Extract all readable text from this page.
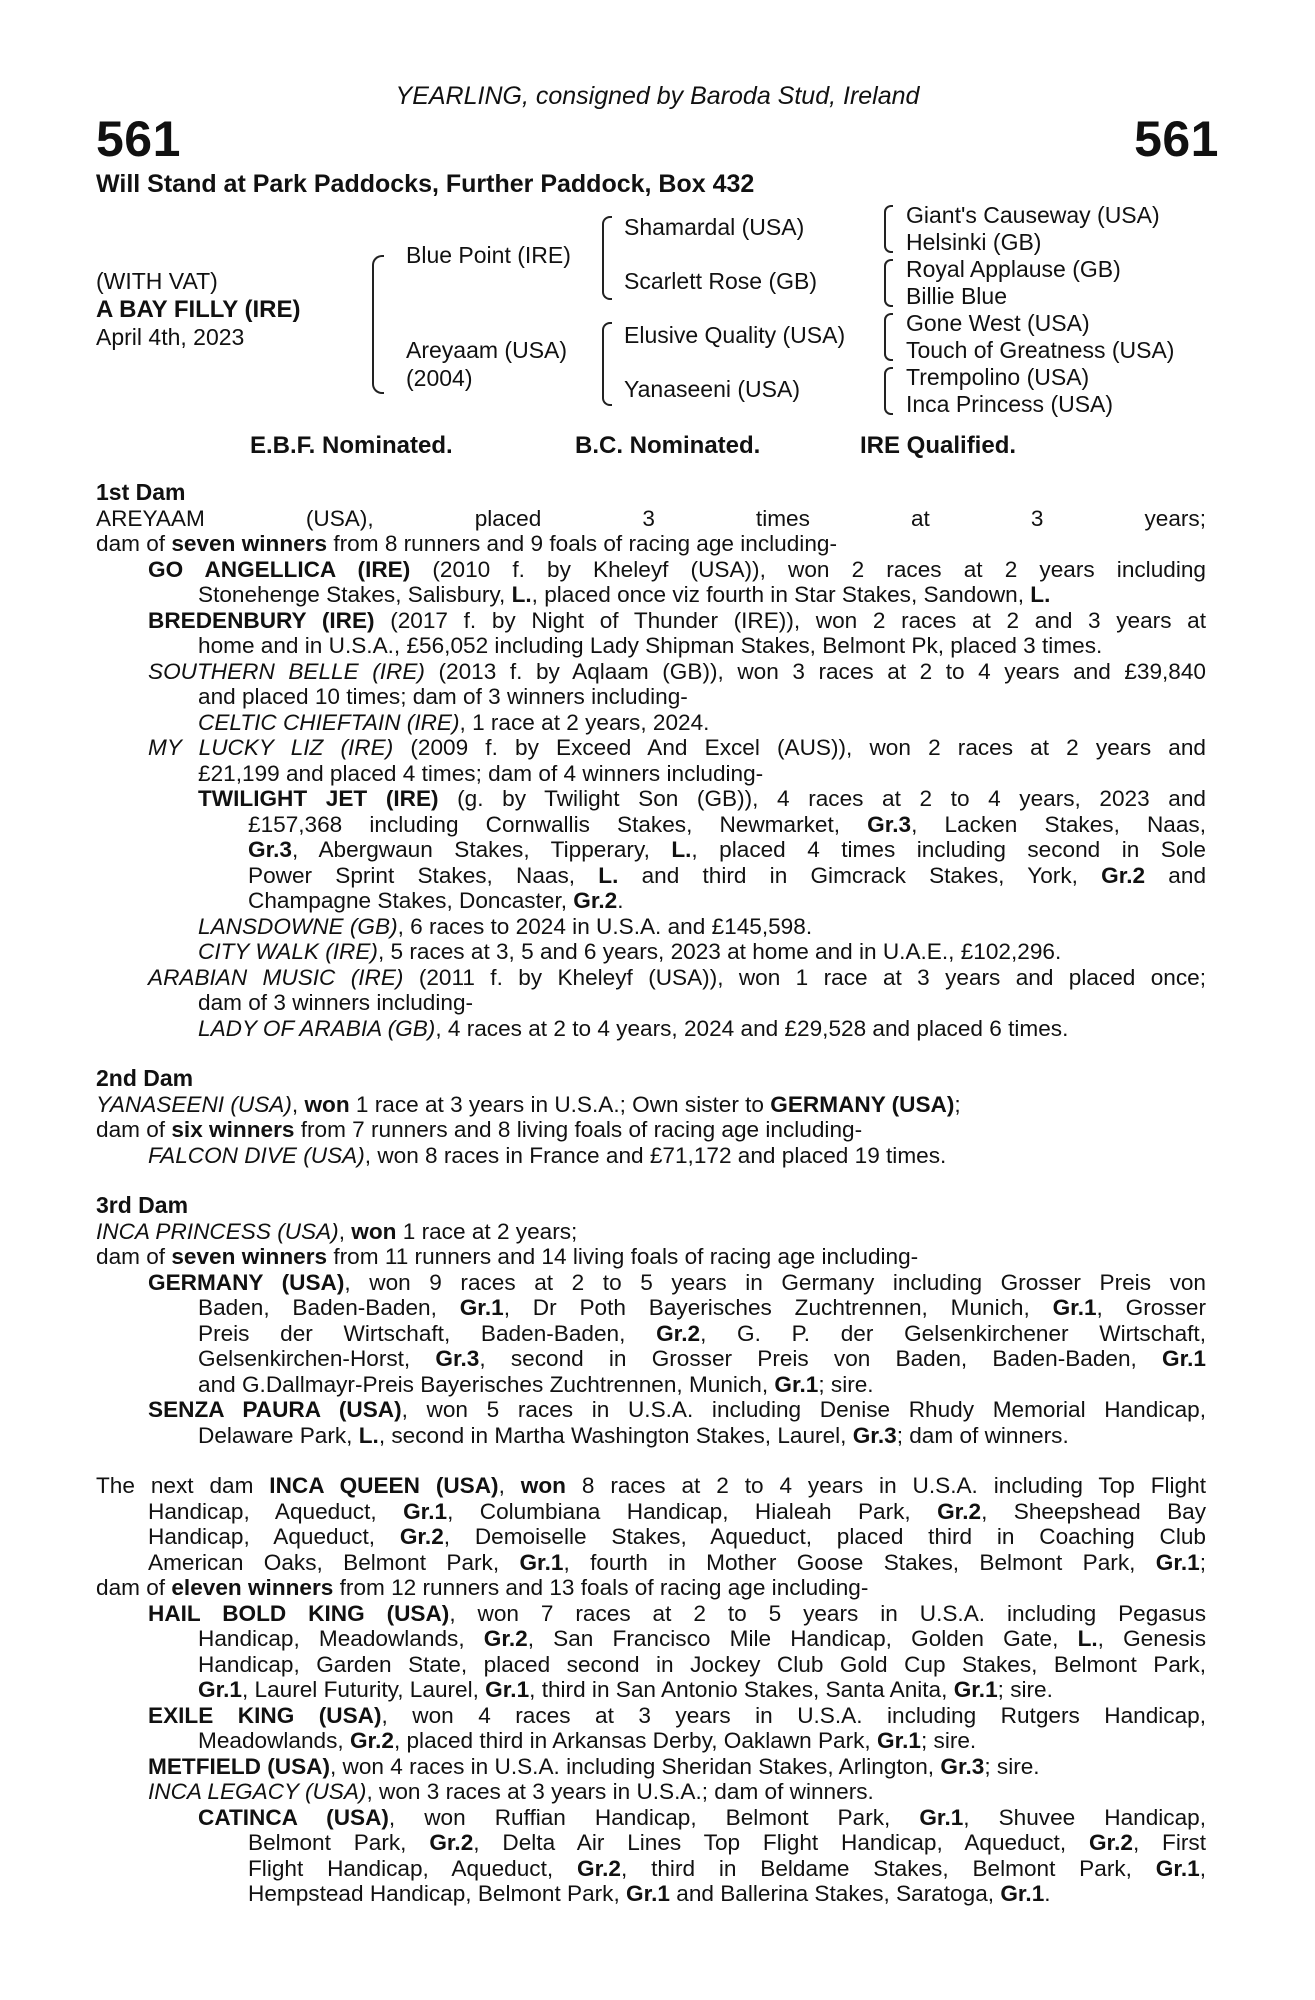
YEARLING, consigned by Baroda Stud, Ireland
561	561
Will Stand at Park Paddocks, Further Paddock, Box 432
(WITH VAT)
A BAY FILLY (IRE)
April 4th, 2023
Blue Point (IRE)
Areyaam (USA)
(2004)
Shamardal (USA)
Scarlett Rose (GB)
Elusive Quality (USA)
Yanaseeni (USA)
Giant's Causeway (USA)
Helsinki (GB)
Royal Applause (GB)
Billie Blue
Gone West (USA)
Touch of Greatness (USA)
Trempolino (USA)
Inca Princess (USA)
E.B.F. Nominated.	B.C. Nominated.	IRE Qualified.
1st Dam
AREYAAM (USA), placed 3 times at 3 years;
dam of seven winners from 8 runners and 9 foals of racing age including-
GO ANGELLICA (IRE) (2010 f. by Kheleyf (USA)), won 2 races at 2 years including
Stonehenge Stakes, Salisbury, L., placed once viz fourth in Star Stakes, Sandown, L.
BREDENBURY (IRE) (2017 f. by Night of Thunder (IRE)), won 2 races at 2 and 3 years at
home and in U.S.A., £56,052 including Lady Shipman Stakes, Belmont Pk, placed 3 times.
SOUTHERN BELLE (IRE) (2013 f. by Aqlaam (GB)), won 3 races at 2 to 4 years and £39,840
and placed 10 times; dam of 3 winners including-
CELTIC CHIEFTAIN (IRE), 1 race at 2 years, 2024.
MY LUCKY LIZ (IRE) (2009 f. by Exceed And Excel (AUS)), won 2 races at 2 years and
£21,199 and placed 4 times; dam of 4 winners including-
TWILIGHT JET (IRE) (g. by Twilight Son (GB)), 4 races at 2 to 4 years, 2023 and
£157,368 including Cornwallis Stakes, Newmarket, Gr.3, Lacken Stakes, Naas,
Gr.3, Abergwaun Stakes, Tipperary, L., placed 4 times including second in Sole
Power Sprint Stakes, Naas, L. and third in Gimcrack Stakes, York, Gr.2 and
Champagne Stakes, Doncaster, Gr.2.
LANSDOWNE (GB), 6 races to 2024 in U.S.A. and £145,598.
CITY WALK (IRE), 5 races at 3, 5 and 6 years, 2023 at home and in U.A.E., £102,296.
ARABIAN MUSIC (IRE) (2011 f. by Kheleyf (USA)), won 1 race at 3 years and placed once;
dam of 3 winners including-
LADY OF ARABIA (GB), 4 races at 2 to 4 years, 2024 and £29,528 and placed 6 times.
2nd Dam
YANASEENI (USA), won 1 race at 3 years in U.S.A.; Own sister to GERMANY (USA);
dam of six winners from 7 runners and 8 living foals of racing age including-
FALCON DIVE (USA), won 8 races in France and £71,172 and placed 19 times.
3rd Dam
INCA PRINCESS (USA), won 1 race at 2 years;
dam of seven winners from 11 runners and 14 living foals of racing age including-
GERMANY (USA), won 9 races at 2 to 5 years in Germany including Grosser Preis von
Baden, Baden-Baden, Gr.1, Dr Poth Bayerisches Zuchtrennen, Munich, Gr.1, Grosser
Preis der Wirtschaft, Baden-Baden, Gr.2, G. P. der Gelsenkirchener Wirtschaft,
Gelsenkirchen-Horst, Gr.3, second in Grosser Preis von Baden, Baden-Baden, Gr.1
and G.Dallmayr-Preis Bayerisches Zuchtrennen, Munich, Gr.1; sire.
SENZA PAURA (USA), won 5 races in U.S.A. including Denise Rhudy Memorial Handicap,
Delaware Park, L., second in Martha Washington Stakes, Laurel, Gr.3; dam of winners.
The next dam INCA QUEEN (USA), won 8 races at 2 to 4 years in U.S.A. including Top Flight
Handicap, Aqueduct, Gr.1, Columbiana Handicap, Hialeah Park, Gr.2, Sheepshead Bay
Handicap, Aqueduct, Gr.2, Demoiselle Stakes, Aqueduct, placed third in Coaching Club
American Oaks, Belmont Park, Gr.1, fourth in Mother Goose Stakes, Belmont Park, Gr.1;
dam of eleven winners from 12 runners and 13 foals of racing age including-
HAIL BOLD KING (USA), won 7 races at 2 to 5 years in U.S.A. including Pegasus
Handicap, Meadowlands, Gr.2, San Francisco Mile Handicap, Golden Gate, L., Genesis
Handicap, Garden State, placed second in Jockey Club Gold Cup Stakes, Belmont Park,
Gr.1, Laurel Futurity, Laurel, Gr.1, third in San Antonio Stakes, Santa Anita, Gr.1; sire.
EXILE KING (USA), won 4 races at 3 years in U.S.A. including Rutgers Handicap,
Meadowlands, Gr.2, placed third in Arkansas Derby, Oaklawn Park, Gr.1; sire.
METFIELD (USA), won 4 races in U.S.A. including Sheridan Stakes, Arlington, Gr.3; sire.
INCA LEGACY (USA), won 3 races at 3 years in U.S.A.; dam of winners.
CATINCA (USA), won Ruffian Handicap, Belmont Park, Gr.1, Shuvee Handicap,
Belmont Park, Gr.2, Delta Air Lines Top Flight Handicap, Aqueduct, Gr.2, First
Flight Handicap, Aqueduct, Gr.2, third in Beldame Stakes, Belmont Park, Gr.1,
Hempstead Handicap, Belmont Park, Gr.1 and Ballerina Stakes, Saratoga, Gr.1.
